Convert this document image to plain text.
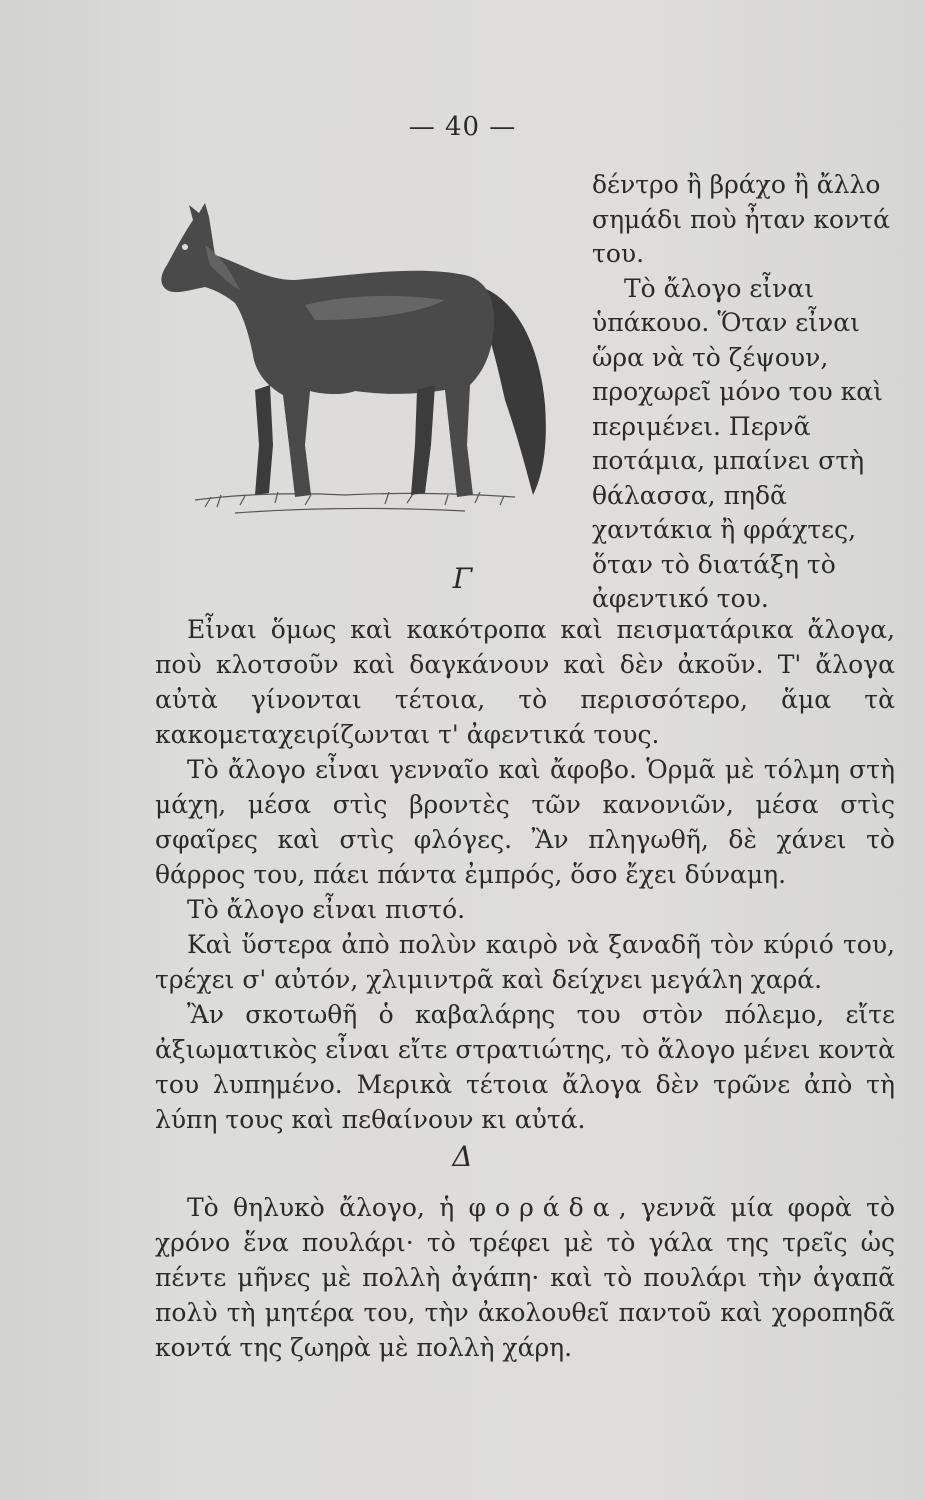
— 40 —

δέντρο ἢ βράχο ἢ ἄλλο σημάδι ποὺ ἦταν κοντά του.

Τὸ ἄλογο εἶναι ὑπάκουο. Ὅταν εἶναι ὥρα νὰ τὸ ζέψουν, προχωρεῖ μόνο του καὶ περιμένει. Περνᾶ ποτάμια, μπαίνει στὴ θάλασσα, πηδᾶ χαντάκια ἢ φράχτες, ὅταν τὸ διατάξη τὸ ἀφεντικό του.

Γ

Εἶναι ὅμως καὶ κακότροπα καὶ πεισματάρικα ἄλογα, ποὺ κλοτσοῦν καὶ δαγκάνουν καὶ δὲν ἀκοῦν. Τ' ἄλογα αὐτὰ γίνονται τέτοια, τὸ περισσότερο, ἅμα τὰ κακομεταχειρίζωνται τ' ἀφεντικά τους.

Τὸ ἄλογο εἶναι γενναῖο καὶ ἄφοβο. Ὁρμᾶ μὲ τόλμη στὴ μάχη, μέσα στὶς βροντὲς τῶν κανονιῶν, μέσα στὶς σφαῖρες καὶ στὶς φλόγες. Ἂν πληγωθῆ, δὲ χάνει τὸ θάρρος του, πάει πάντα ἐμπρός, ὅσο ἔχει δύναμη.

Τὸ ἄλογο εἶναι πιστό.

Καὶ ὕστερα ἀπὸ πολὺν καιρὸ νὰ ξαναδῆ τὸν κύριό του, τρέχει σ' αὐτόν, χλιμιντρᾶ καὶ δείχνει μεγάλη χαρά.

Ἂν σκοτωθῆ ὁ καβαλάρης του στὸν πόλεμο, εἴτε ἀξιωματικὸς εἶναι εἴτε στρατιώτης, τὸ ἄλογο μένει κοντὰ του λυπημένο. Μερικὰ τέτοια ἄλογα δὲν τρῶνε ἀπὸ τὴ λύπη τους καὶ πεθαίνουν κι αὐτά.

Δ

Τὸ θηλυκὸ ἄλογο, ἡ φοράδα, γεννᾶ μία φορὰ τὸ χρόνο ἕνα πουλάρι· τὸ τρέφει μὲ τὸ γάλα της τρεῖς ὡς πέντε μῆνες μὲ πολλὴ ἀγάπη· καὶ τὸ πουλάρι τὴν ἀγαπᾶ πολὺ τὴ μητέρα του, τὴν ἀκολουθεῖ παντοῦ καὶ χοροπηδᾶ κοντά της ζωηρὰ μὲ πολλὴ χάρη.
